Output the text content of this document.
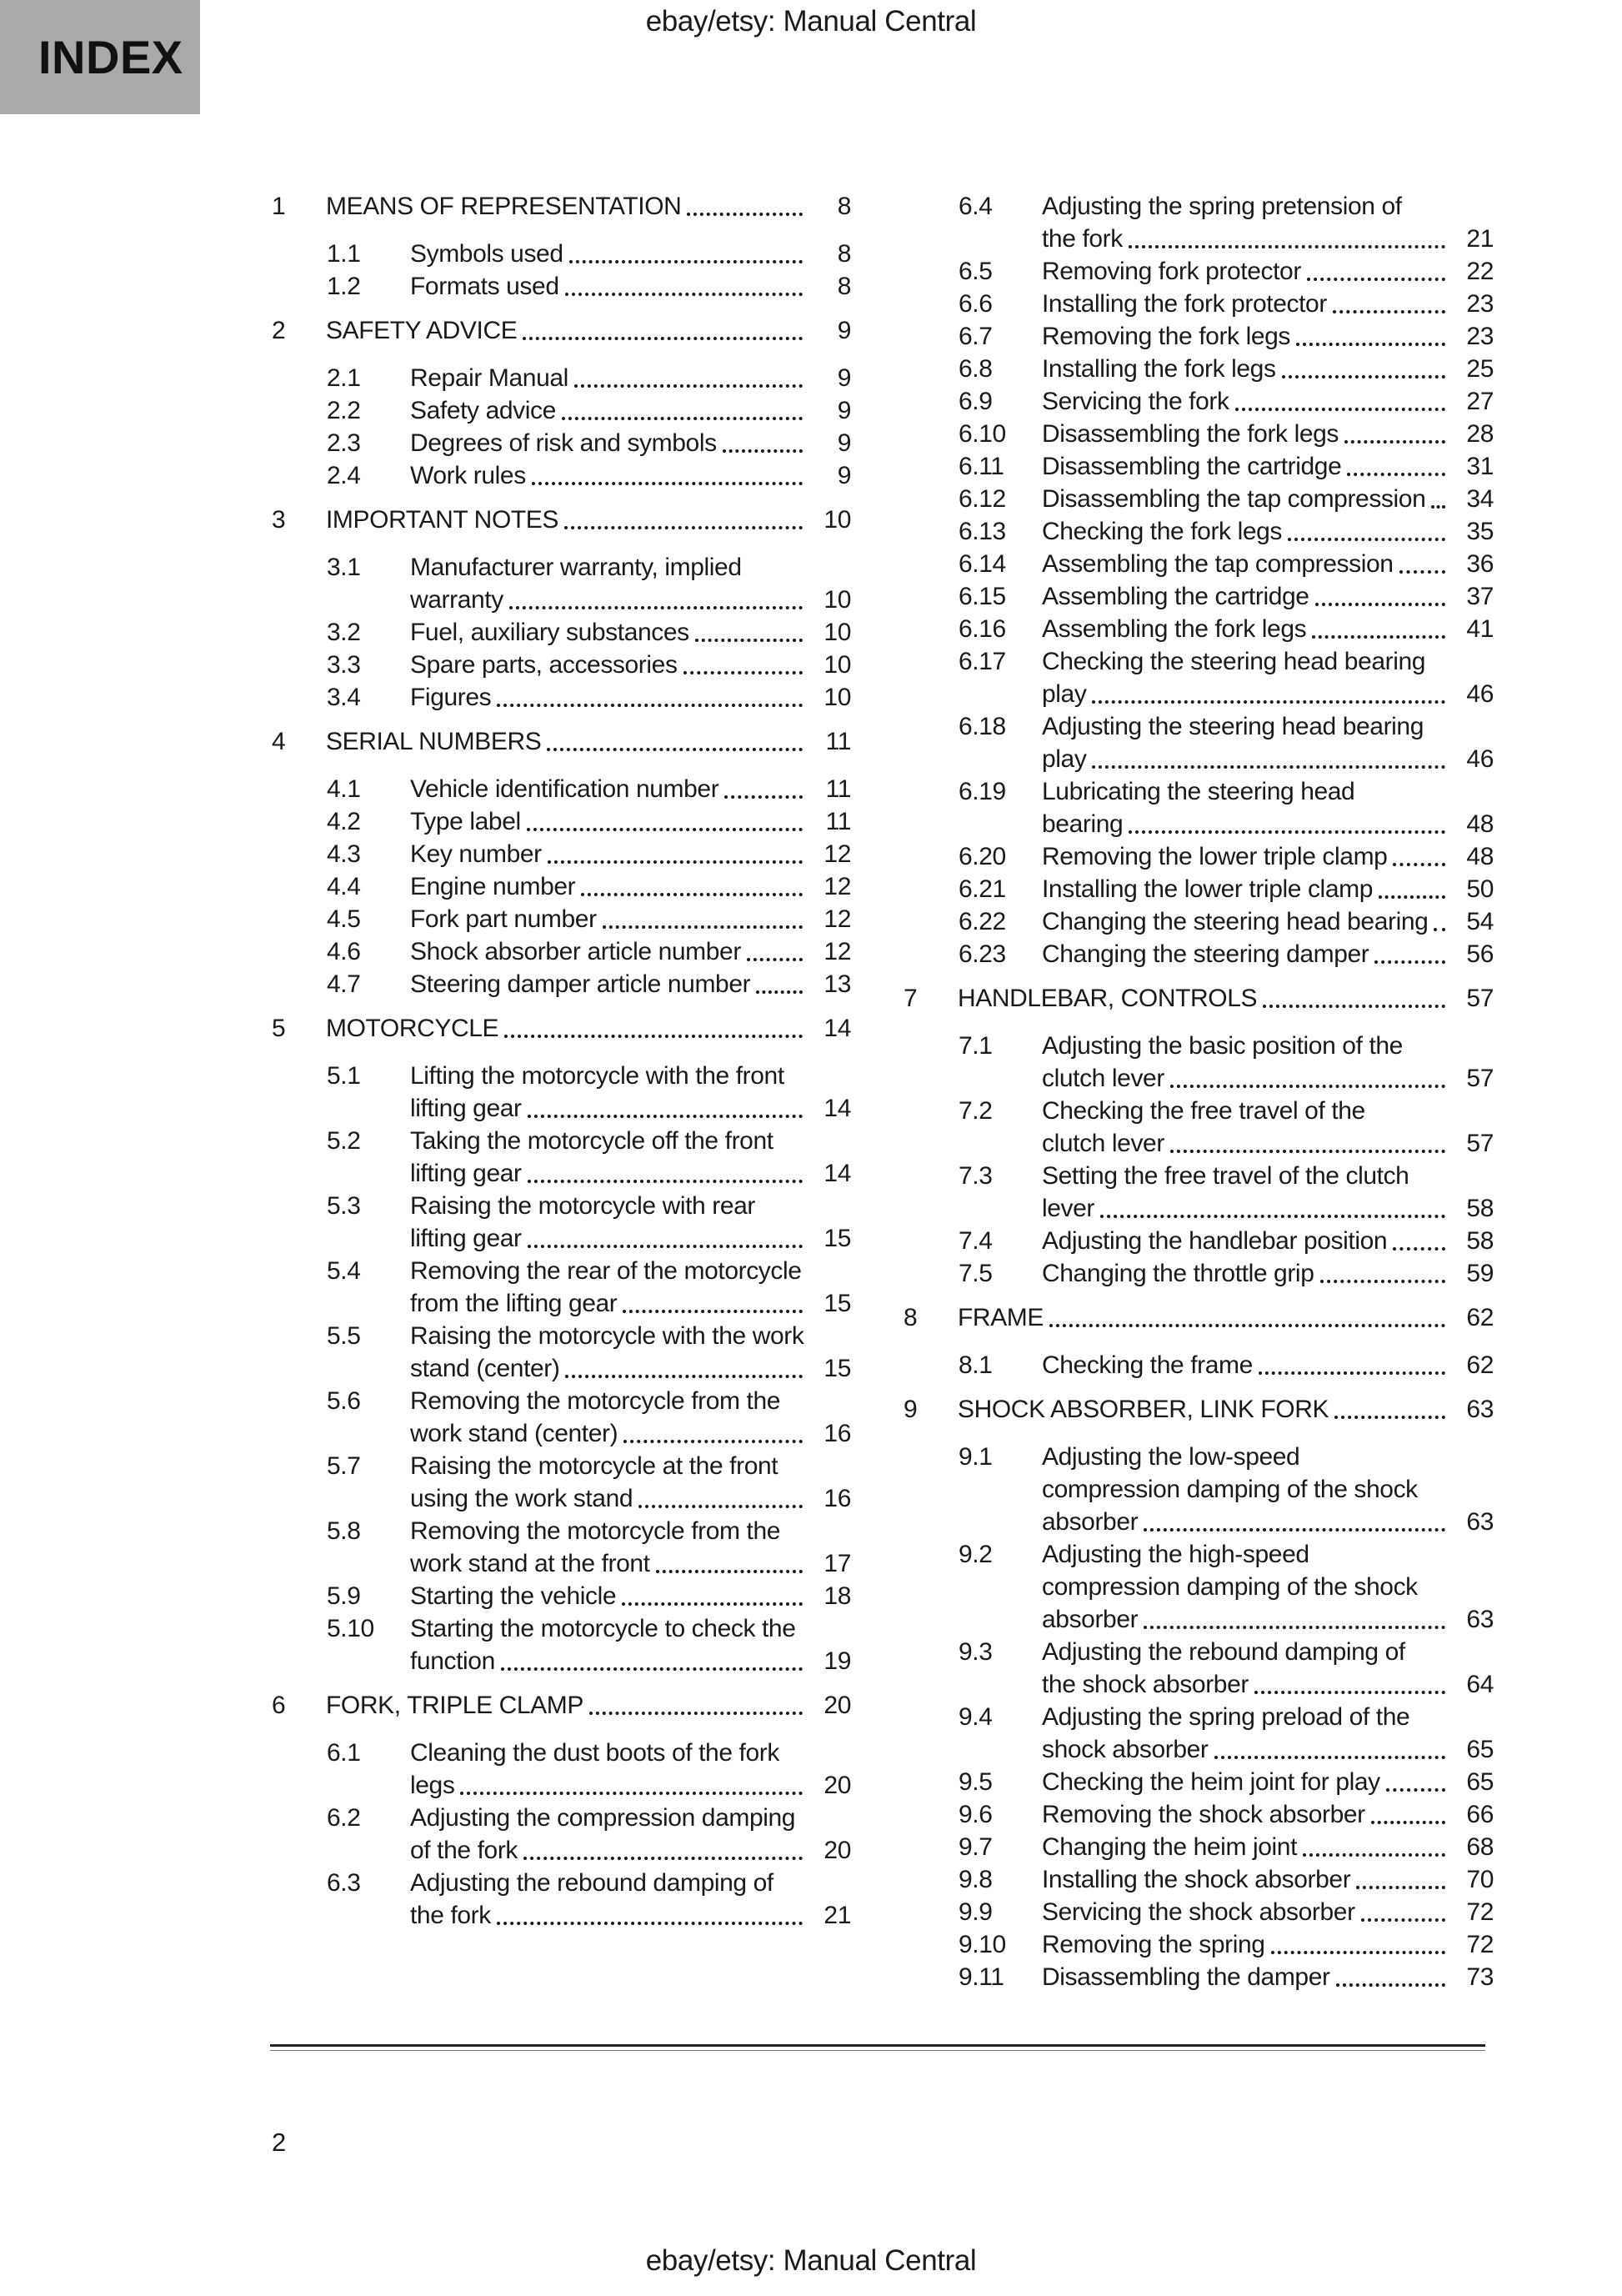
INDEX
ebay/etsy: Manual Central
1	MEANS OF REPRESENTATION	8
1.1	Symbols used	8
1.2	Formats used	8
2	SAFETY ADVICE	9
2.1	Repair Manual	9
2.2	Safety advice	9
2.3	Degrees of risk and symbols	9
2.4	Work rules	9
3	IMPORTANT NOTES	10
3.1	Manufacturer warranty, implied
warranty	10
3.2	Fuel, auxiliary substances	10
3.3	Spare parts, accessories	10
3.4	Figures	10
4	SERIAL NUMBERS	11
4.1	Vehicle identification number	11
4.2	Type label	11
4.3	Key number	12
4.4	Engine number	12
4.5	Fork part number	12
4.6	Shock absorber article number	12
4.7	Steering damper article number	13
5	MOTORCYCLE	14
5.1	Lifting the motorcycle with the front
lifting gear	14
5.2	Taking the motorcycle off the front
lifting gear	14
5.3	Raising the motorcycle with rear
lifting gear	15
5.4	Removing the rear of the motorcycle
from the lifting gear	15
5.5	Raising the motorcycle with the work
stand (center)	15
5.6	Removing the motorcycle from the
work stand (center)	16
5.7	Raising the motorcycle at the front
using the work stand	16
5.8	Removing the motorcycle from the
work stand at the front	17
5.9	Starting the vehicle	18
5.10	Starting the motorcycle to check the
function	19
6	FORK, TRIPLE CLAMP	20
6.1	Cleaning the dust boots of the fork
legs	20
6.2	Adjusting the compression damping
of the fork	20
6.3	Adjusting the rebound damping of
the fork	21
6.4	Adjusting the spring pretension of
the fork	21
6.5	Removing fork protector	22
6.6	Installing the fork protector	23
6.7	Removing the fork legs	23
6.8	Installing the fork legs	25
6.9	Servicing the fork	27
6.10	Disassembling the fork legs	28
6.11	Disassembling the cartridge	31
6.12	Disassembling the tap compression	34
6.13	Checking the fork legs	35
6.14	Assembling the tap compression	36
6.15	Assembling the cartridge	37
6.16	Assembling the fork legs	41
6.17	Checking the steering head bearing
play	46
6.18	Adjusting the steering head bearing
play	46
6.19	Lubricating the steering head
bearing	48
6.20	Removing the lower triple clamp	48
6.21	Installing the lower triple clamp	50
6.22	Changing the steering head bearing	54
6.23	Changing the steering damper	56
7	HANDLEBAR, CONTROLS	57
7.1	Adjusting the basic position of the
clutch lever	57
7.2	Checking the free travel of the
clutch lever	57
7.3	Setting the free travel of the clutch
lever	58
7.4	Adjusting the handlebar position	58
7.5	Changing the throttle grip	59
8	FRAME	62
8.1	Checking the frame	62
9	SHOCK ABSORBER, LINK FORK	63
9.1	Adjusting the low-speed
compression damping of the shock
absorber	63
9.2	Adjusting the high-speed
compression damping of the shock
absorber	63
9.3	Adjusting the rebound damping of
the shock absorber	64
9.4	Adjusting the spring preload of the
shock absorber	65
9.5	Checking the heim joint for play	65
9.6	Removing the shock absorber	66
9.7	Changing the heim joint	68
9.8	Installing the shock absorber	70
9.9	Servicing the shock absorber	72
9.10	Removing the spring	72
9.11	Disassembling the damper	73
2
ebay/etsy: Manual Central
